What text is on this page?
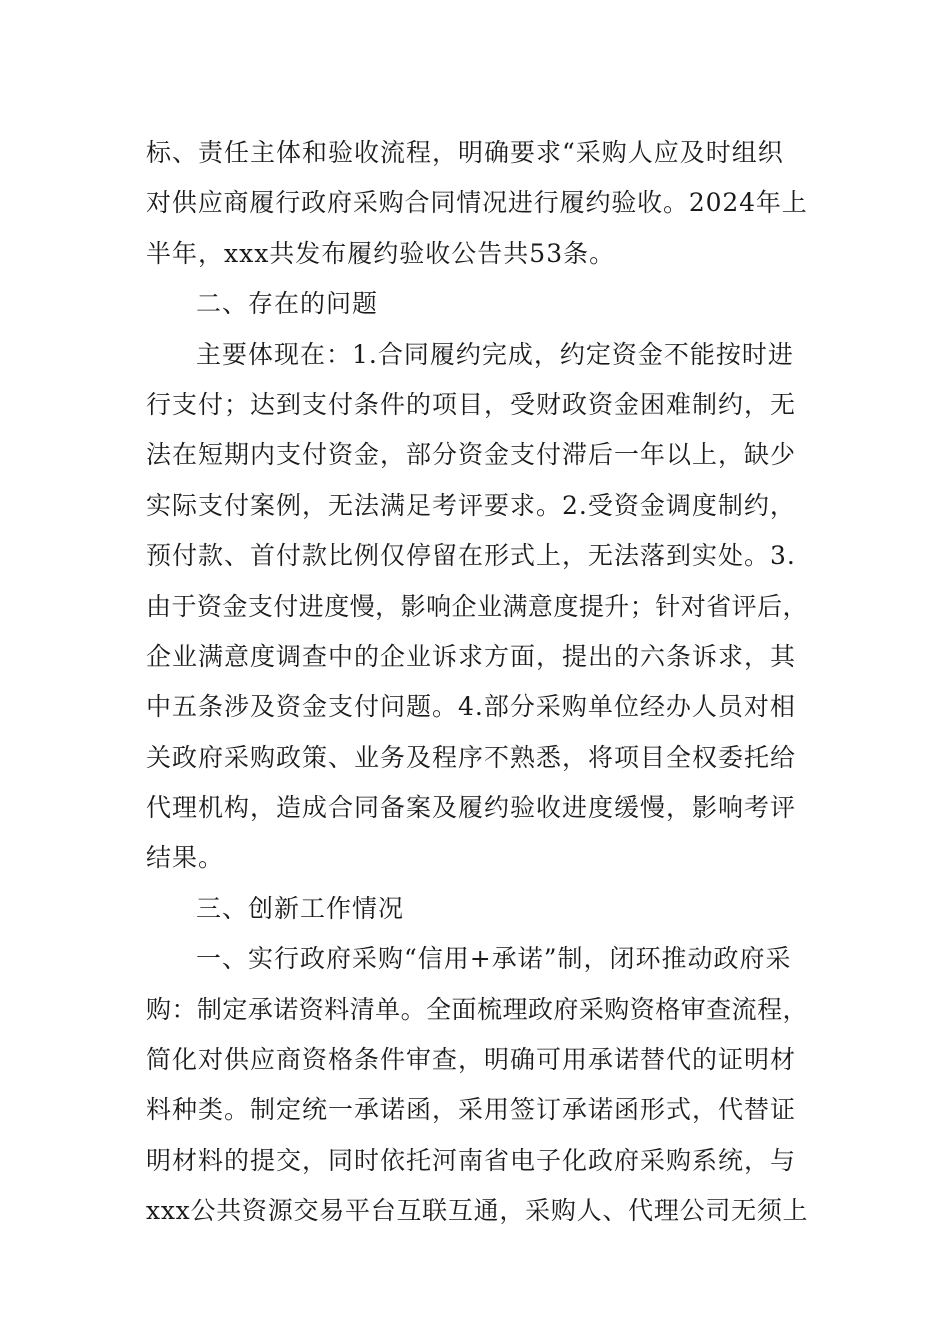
标、责任主体和验收流程，明确要求“采购人应及时组织
对供应商履行政府采购合同情况进行履约验收。2024年上
半年，xxx共发布履约验收公告共53条。
二、存在的问题
主要体现在：1.合同履约完成，约定资金不能按时进
行支付；达到支付条件的项目，受财政资金困难制约，无
法在短期内支付资金，部分资金支付滞后一年以上，缺少
实际支付案例，无法满足考评要求。2.受资金调度制约，
预付款、首付款比例仅停留在形式上，无法落到实处。3.
由于资金支付进度慢，影响企业满意度提升；针对省评后，
企业满意度调查中的企业诉求方面，提出的六条诉求，其
中五条涉及资金支付问题。4.部分采购单位经办人员对相
关政府采购政策、业务及程序不熟悉，将项目全权委托给
代理机构，造成合同备案及履约验收进度缓慢，影响考评
结果。
三、创新工作情况
一、实行政府采购“信用+承诺”制，闭环推动政府采
购：制定承诺资料清单。全面梳理政府采购资格审查流程，
简化对供应商资格条件审查，明确可用承诺替代的证明材
料种类。制定统一承诺函，采用签订承诺函形式，代替证
明材料的提交，同时依托河南省电子化政府采购系统，与
xxx公共资源交易平台互联互通，采购人、代理公司无须上
